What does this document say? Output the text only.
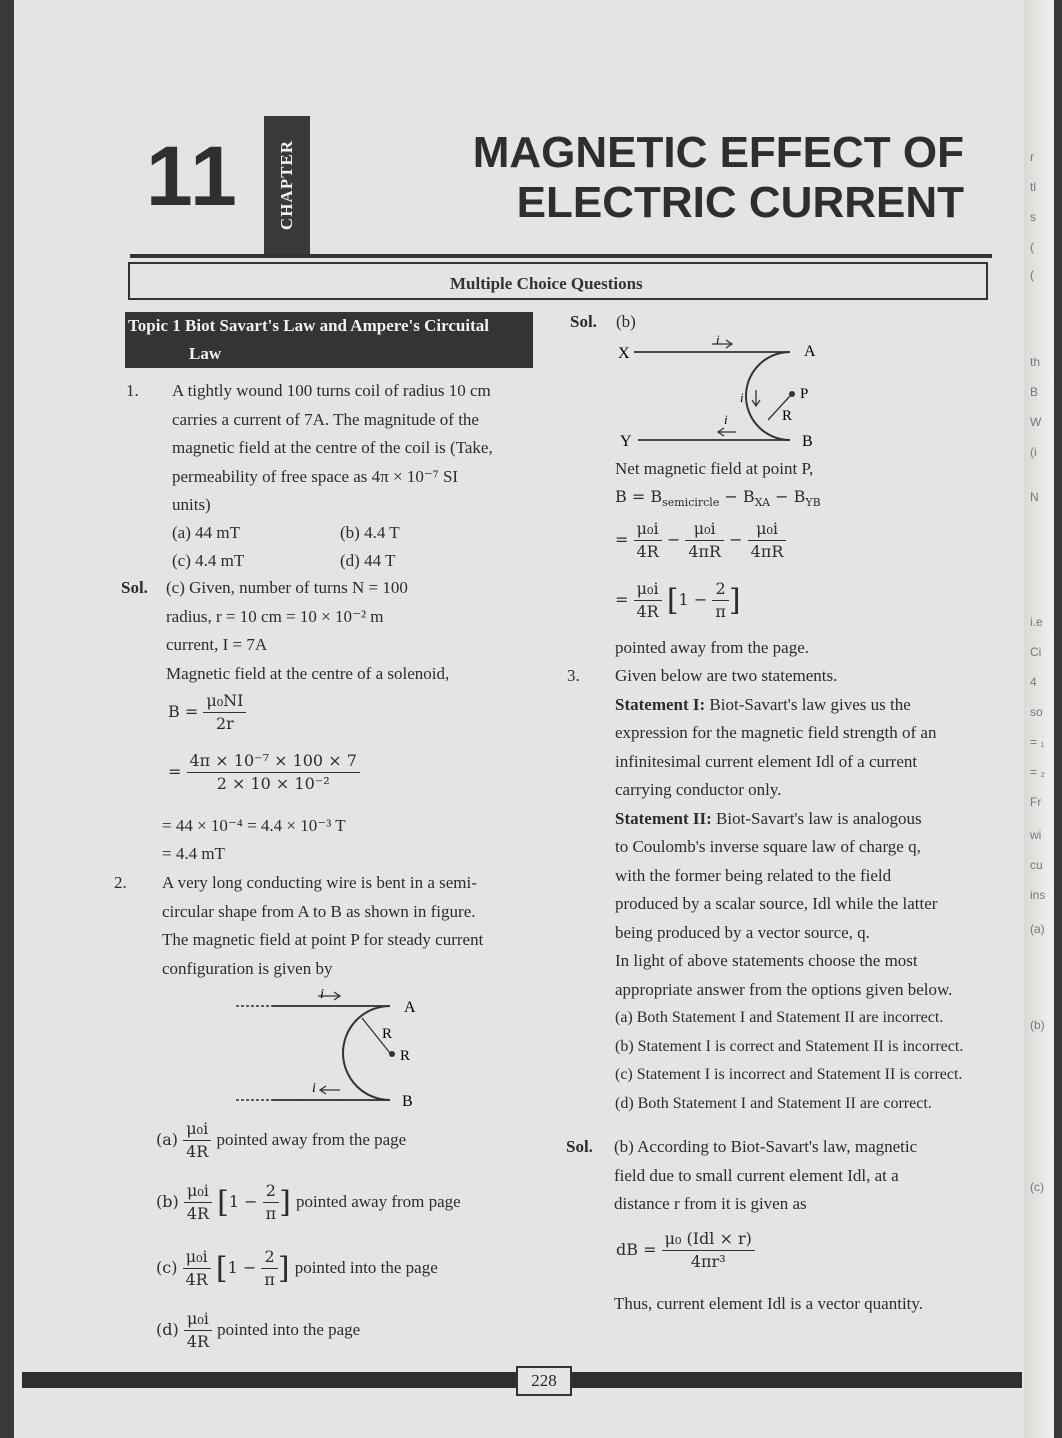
r
tl
s
(
(
th
B
W
(i
N
i.e
Ci
4
so
= ₁
= ₂
Fr
wi
cu
ins
(a)
(b)
(c)
11 CHAPTER	MAGNETIC EFFECT OF
ELECTRIC CURRENT
Multiple Choice Questions
Topic 1 Biot Savart's Law and Ampere's Circuital
Law
1. A tightly wound 100 turns coil of radius 10 cm
carries a current of 7A. The magnitude of the
magnetic field at the centre of the coil is (Take,
permeability of free space as 4π × 10⁻⁷ SI
units)
(a) 44 mT	(b) 4.4 T
(c) 4.4 mT	(d) 44 T
Sol. (c) Given, number of turns N = 100
radius, r = 10 cm = 10 × 10⁻² m
current, I = 7A
Magnetic field at the centre of a solenoid,
$B = \frac{\text{μ₀NI}}{2r}$
= $\frac{\text{4π × 10⁻⁷ × 100 × 7}}{\text{2 × 10 × 10⁻²}}$
= 44 × 10⁻⁴ = 4.4 × 10⁻³ T
= 4.4 mT
2. A very long conducting wire is bent in a semi-
circular shape from A to B as shown in figure.
The magnetic field at point P for steady current
configuration is given by
i
i
A
B
R
R
$(a) \frac{\text{μ₀i}}{4R}$ pointed away from the page
$(b) \frac{\text{μ₀i}}{4R} [1 - \frac{2}{\pi}$ ] pointed away from page
$(c) \frac{\text{μ₀i}}{4R} [1 - \frac{2}{\pi}$ ] pointed into the page
$(d) \frac{\text{μ₀i}}{4R}$ pointed into the page
Sol. (b)
X
Y
A
B
P
R
i
i
i
Net magnetic field at point P,
$B = B_{semicircle} - B_{XA} - B_{YB}$
= $\frac{\text{μ₀i}}{4R} - \frac{\text{μ₀i}}{4\pi R} - \frac{\text{μ₀i}}{4\pi R}$
= $\frac{\text{μ₀i}}{4R} [1 - \frac{2}{\pi}$ ]
pointed away from the page.
3. Given below are two statements.
Statement I: Biot-Savart's law gives us the
expression for the magnetic field strength of an
infinitesimal current element Idl of a current
carrying conductor only.
Statement II: Biot-Savart's law is analogous
to Coulomb's inverse square law of charge q,
with the former being related to the field
produced by a scalar source, Idl while the latter
being produced by a vector source, q.
In light of above statements choose the most
appropriate answer from the options given below.
(a) Both Statement I and Statement II are incorrect.
(b) Statement I is correct and Statement II is incorrect.
(c) Statement I is incorrect and Statement II is correct.
(d) Both Statement I and Statement II are correct.
Sol. (b) According to Biot-Savart's law, magnetic
field due to small current element Idl, at a
distance r from it is given as
dB = $\frac{\text{μ₀ (Idl × r)}}{\text{4πr³}}$
Thus, current element Idl is a vector quantity.
228
